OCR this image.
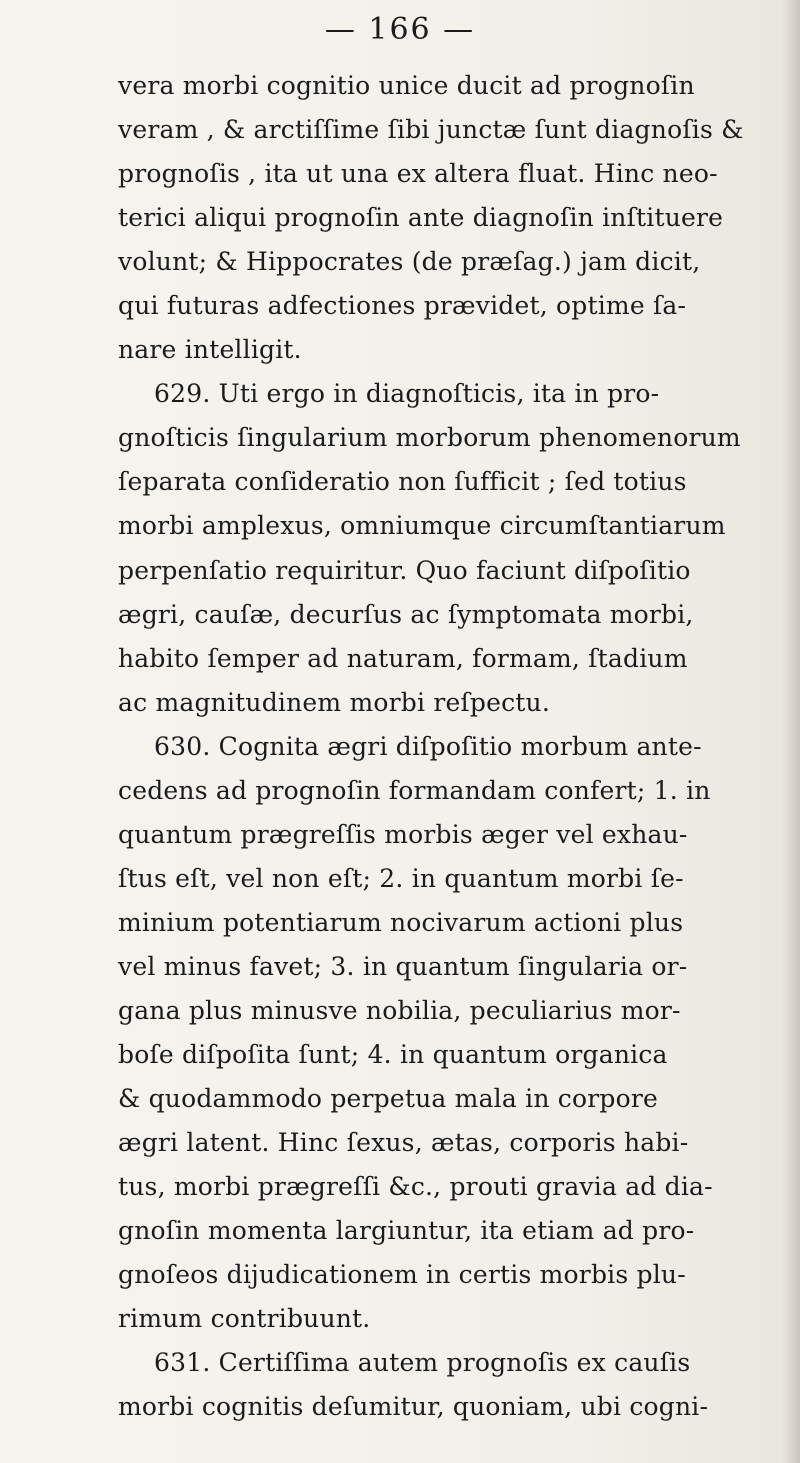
— 166 —
vera morbi cognitio unice ducit ad prognoſin
veram , & arctiſſime ſibi junctæ ſunt diagnoſis &
prognoſis , ita ut una ex altera fluat. Hinc neo-
terici aliqui prognoſin ante diagnoſin inſtituere
volunt; & Hippocrates (de præſag.) jam dicit,
qui futuras adfectiones prævidet, optime ſa-
nare intelligit.
629. Uti ergo in diagnoſticis, ita in pro-
gnoſticis ſingularium morborum phenomenorum
ſeparata conſideratio non ſufficit ; ſed totius
morbi amplexus, omniumque circumſtantiarum
perpenſatio requiritur. Quo faciunt diſpoſitio
ægri, cauſæ, decurſus ac ſymptomata morbi,
habito ſemper ad naturam, formam, ſtadium
ac magnitudinem morbi reſpectu.
630. Cognita ægri diſpoſitio morbum ante-
cedens ad prognoſin formandam confert; 1. in
quantum prægreſſis morbis æger vel exhau-
ſtus eſt, vel non eſt; 2. in quantum morbi ſe-
minium potentiarum nocivarum actioni plus
vel minus favet; 3. in quantum ſingularia or-
gana plus minusve nobilia, peculiarius mor-
boſe diſpoſita ſunt; 4. in quantum organica
& quodammodo perpetua mala in corpore
ægri latent. Hinc ſexus, ætas, corporis habi-
tus, morbi prægreſſi &c., prouti gravia ad dia-
gnoſin momenta largiuntur, ita etiam ad pro-
gnoſeos dijudicationem in certis morbis plu-
rimum contribuunt.
631. Certiſſima autem prognoſis ex cauſis
morbi cognitis deſumitur, quoniam, ubi cogni-
